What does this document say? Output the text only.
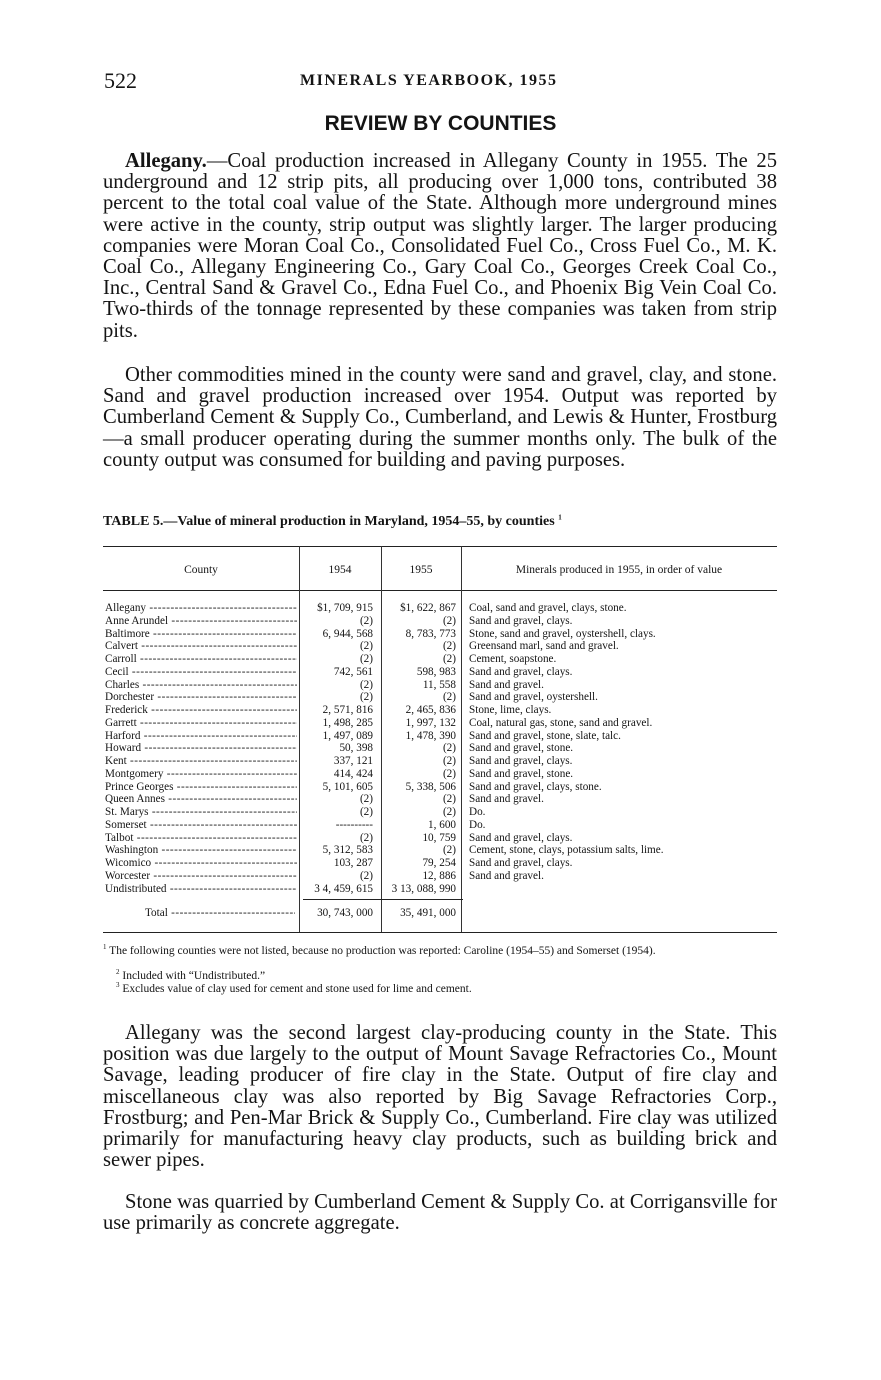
522	MINERALS YEARBOOK, 1955
REVIEW BY COUNTIES

Allegany.—Coal production increased in Allegany County in 1955. The 25 underground and 12 strip pits, all producing over 1,000 tons, contributed 38 percent to the total coal value of the State. Although more underground mines were active in the county, strip output was slightly larger. The larger producing companies were Moran Coal Co., Consolidated Fuel Co., Cross Fuel Co., M. K. Coal Co., Allegany Engineering Co., Gary Coal Co., Georges Creek Coal Co., Inc., Central Sand & Gravel Co., Edna Fuel Co., and Phoenix Big Vein Coal Co. Two-thirds of the tonnage represented by these companies was taken from strip pits.

Other commodities mined in the county were sand and gravel, clay, and stone. Sand and gravel production increased over 1954. Output was reported by Cumberland Cement & Supply Co., Cumberland, and Lewis & Hunter, Frostburg—a small producer operating during the summer months only. The bulk of the county output was consumed for building and paving purposes.

TABLE 5.—Value of mineral production in Maryland, 1954–55, by counties $^1$
County	1954	1955	Minerals produced in 1955, in order of value
Allegany -----	$1, 709, 915	$1, 622, 867 Coal, sand and gravel, clays, stone.
Anne Arundel -----	(2)	(2) Sand and gravel, clays.
Baltimore -----	6, 944, 568	8, 783, 773 Stone, sand and gravel, oystershell, clays.
Calvert -----	(2)	(2) Greensand marl, sand and gravel.
Carroll -----	(2)	(2) Cement, soapstone.
Cecil -----	742, 561	598, 983 Sand and gravel, clays.
Charles -----	(2)	11, 558 Sand and gravel.
Dorchester -----	(2)	(2) Sand and gravel, oystershell.
Frederick -----	2, 571, 816	2, 465, 836 Stone, lime, clays.
Garrett -----	1, 498, 285	1, 997, 132 Coal, natural gas, stone, sand and gravel.
Harford -----	1, 497, 089	1, 478, 390 Sand and gravel, stone, slate, talc.
Howard -----	50, 398	(2) Sand and gravel, stone.
Kent -----	337, 121	(2) Sand and gravel, clays.
Montgomery -----	414, 424	(2) Sand and gravel, stone.
Prince Georges -----	5, 101, 605	5, 338, 506 Sand and gravel, clays, stone.
Queen Annes -----	(2)	(2) Sand and gravel.
St. Marys -----	(2)	(2) Do.
Somerset -----	----------	1, 600 Do.
Talbot -----	(2)	10, 759 Sand and gravel, clays.
Washington -----	5, 312, 583	(2) Cement, stone, clays, potassium salts, lime.
Wicomico -----	103, 287	79, 254 Sand and gravel, clays.
Worcester -----	(2)	12, 886 Sand and gravel.
Undistributed -----	3 4, 459, 615	3 13, 088, 990
Total -----	30, 743, 000	35, 491, 000

$^1$ The following counties were not listed, because no production was reported: Caroline (1954–55) and Somerset (1954).

$^2$ Included with “Undistributed.”

$^3$ Excludes value of clay used for cement and stone used for lime and cement.

Allegany was the second largest clay-producing county in the State. This position was due largely to the output of Mount Savage Refractories Co., Mount Savage, leading producer of fire clay in the State. Output of fire clay and miscellaneous clay was also reported by Big Savage Refractories Corp., Frostburg; and Pen-Mar Brick & Supply Co., Cumberland. Fire clay was utilized primarily for manufacturing heavy clay products, such as building brick and sewer pipes.

Stone was quarried by Cumberland Cement & Supply Co. at Corrigansville for use primarily as concrete aggregate.
